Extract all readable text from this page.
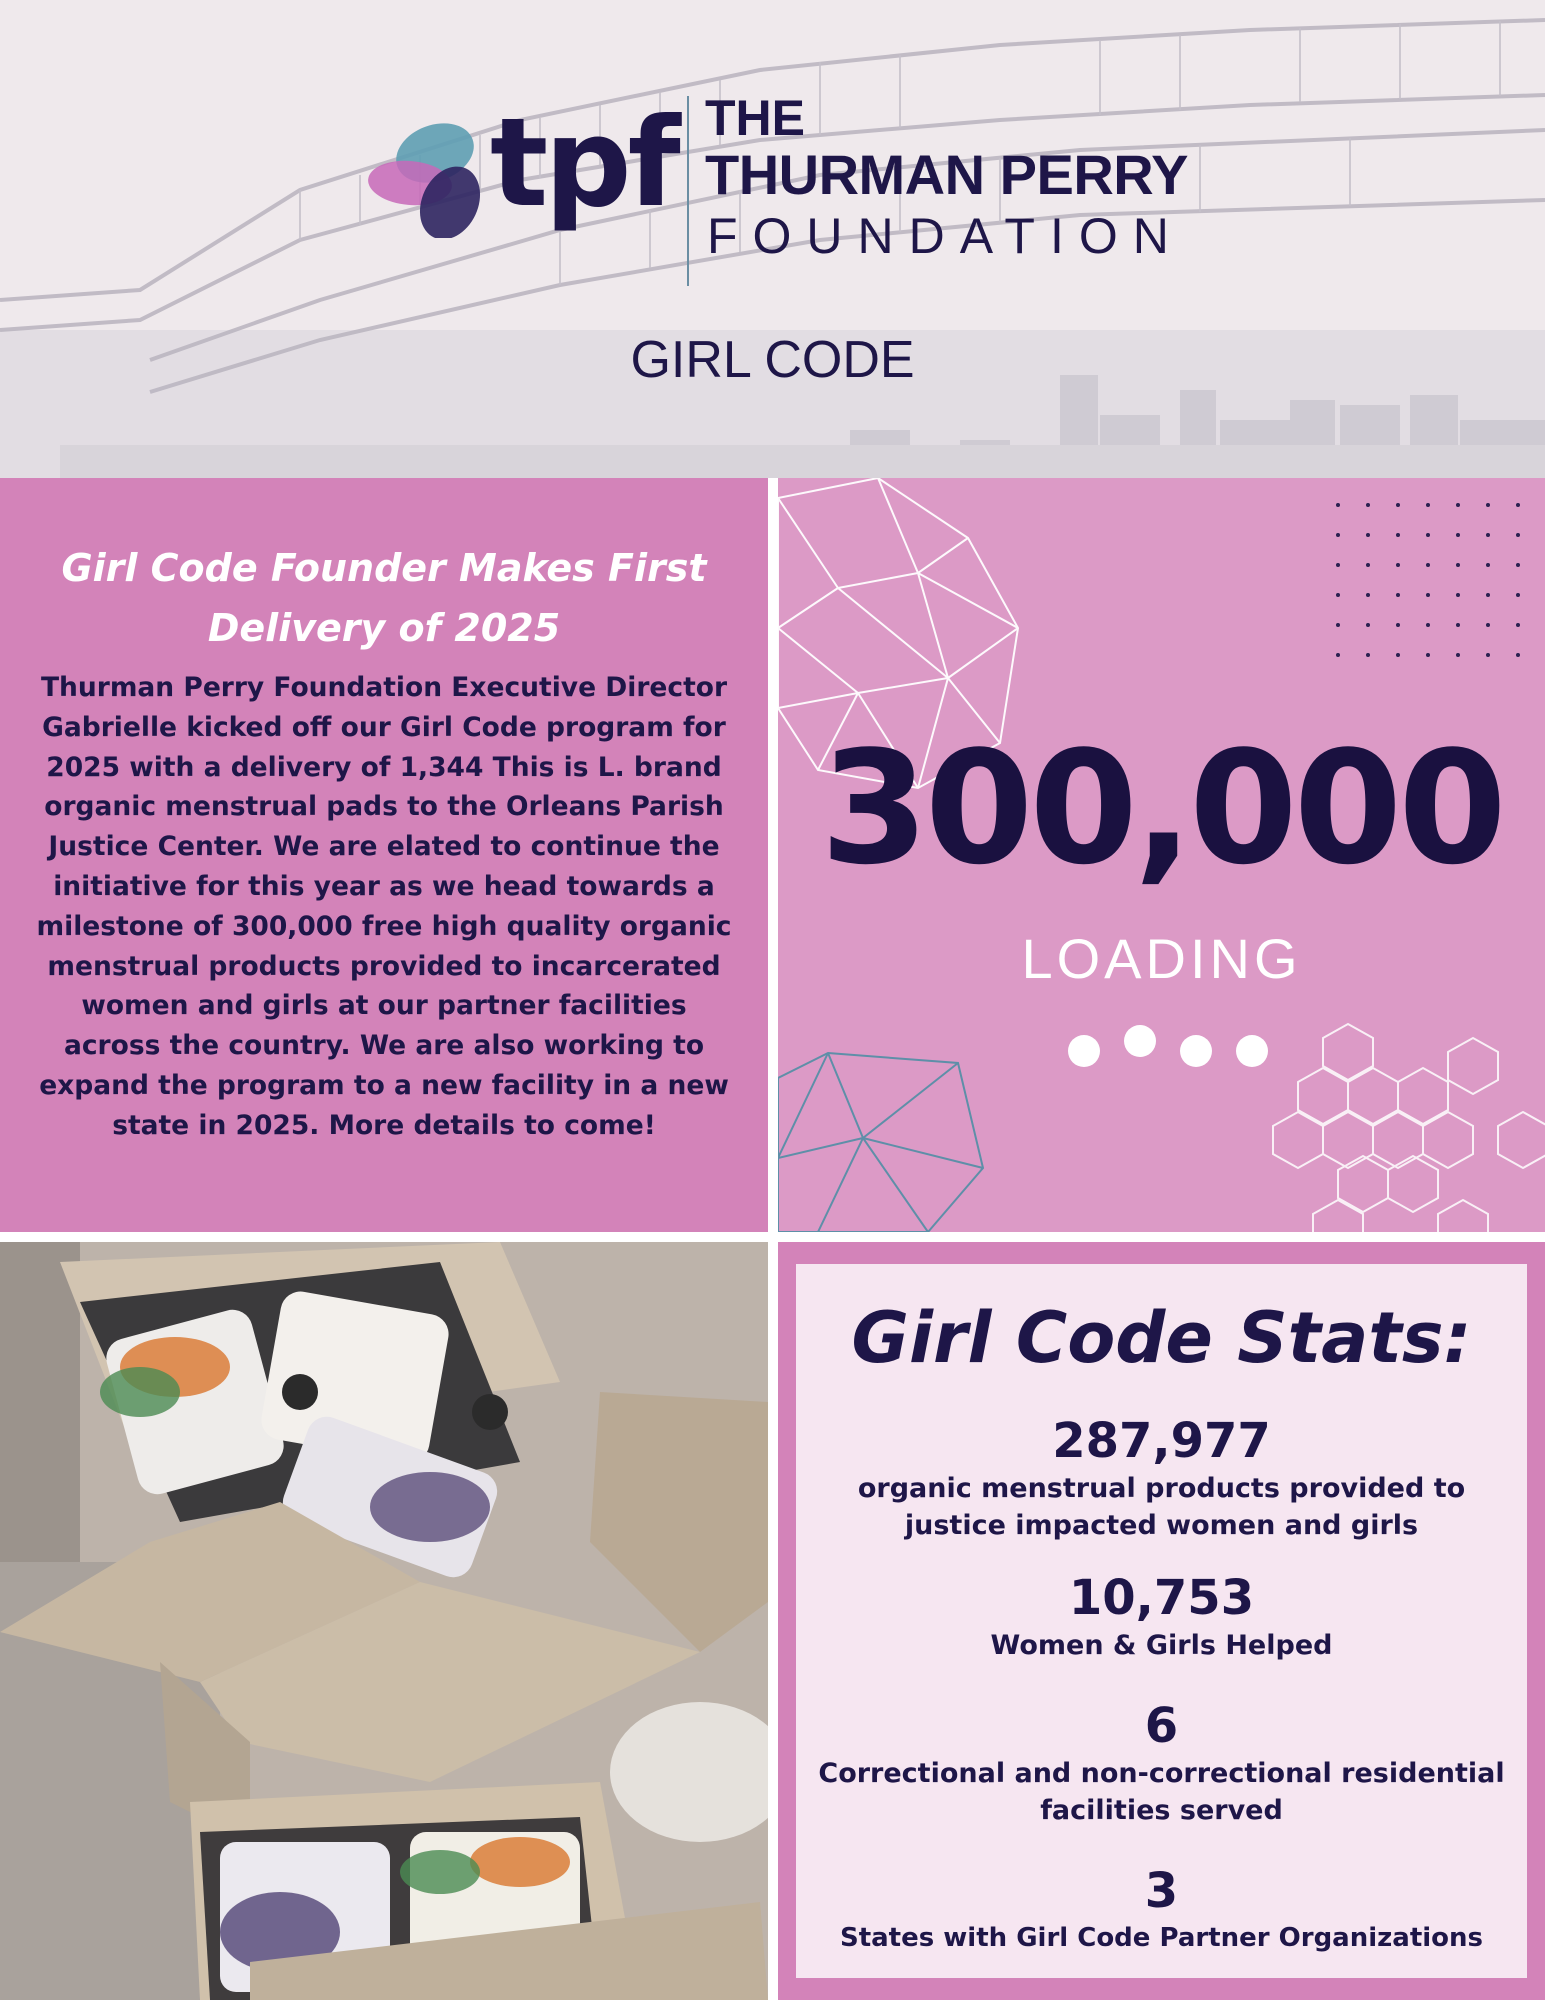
tpf THE
THURMAN PERRY
FOUNDATION
GIRL CODE
Girl Code Founder Makes First Delivery of 2025
Thurman Perry Foundation Executive Director Gabrielle kicked off our Girl Code program for 2025 with a delivery of 1,344 This is L. brand organic menstrual pads to the Orleans Parish Justice Center. We are elated to continue the initiative for this year as we head towards a milestone of 300,000 free high quality organic menstrual products provided to incarcerated women and girls at our partner facilities across the country. We are also working to expand the program to a new facility in a new state in 2025. More details to come!
300,000
LOADING
Girl Code Stats:
287,977
organic menstrual products provided to justice impacted women and girls
10,753
Women & Girls Helped
6
Correctional and non-correctional residential facilities served
3
States with Girl Code Partner Organizations
